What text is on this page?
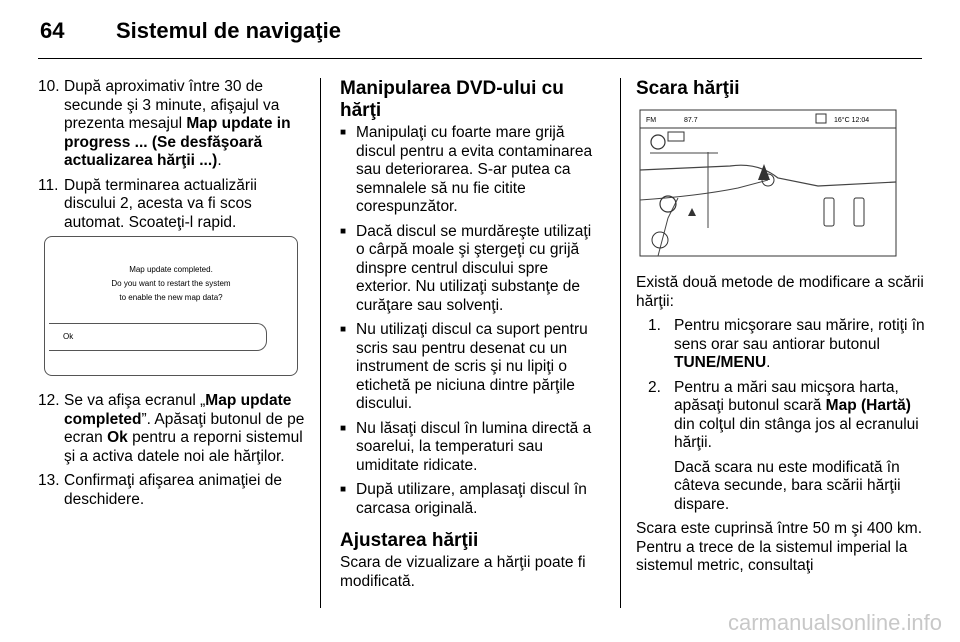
64 Sistemul de navigaţie
10. După aproximativ între 30 de secunde şi 3 minute, afişajul va prezenta mesajul Map update in progress ... (Se desfăşoară actualizarea hărţii ...).
11. După terminarea actualizării discului 2, acesta va fi scos automat. Scoateţi-l rapid.
Map update completed.
Do you want to restart the system
to enable the new map data?
Ok
12. Se va afişa ecranul „Map update completed”. Apăsaţi butonul de pe ecran Ok pentru a reporni sistemul şi a activa datele noi ale hărţilor.
13. Confirmaţi afişarea animaţiei de deschidere.
Manipularea DVD-ului cu hărţi
■ Manipulaţi cu foarte mare grijă discul pentru a evita contaminarea sau deteriorarea. S-ar putea ca semnalele să nu fie citite corespunzător.
■ Dacă discul se murdăreşte utilizaţi o cârpă moale şi ştergeţi cu grijă dinspre centrul discului spre exterior. Nu utilizaţi substanţe de curăţare sau solvenţi.
■ Nu utilizaţi discul ca suport pentru scris sau pentru desenat cu un instrument de scris şi nu lipiţi o etichetă pe niciuna dintre părţile discului.
■ Nu lăsaţi discul în lumina directă a soarelui, la temperaturi sau umiditate ridicate.
■ După utilizare, amplasaţi discul în carcasa originală.
Ajustarea hărţii
Scara de vizualizare a hărţii poate fi modificată.
Scara hărţii
FM	87.7	16°C 12:04
Există două metode de modificare a scării hărţii:
1. Pentru micşorare sau mărire, rotiţi în sens orar sau antiorar butonul TUNE/MENU.
2. Pentru a mări sau micşora harta, apăsaţi butonul scară Map (Hartă) din colţul din stânga jos al ecranului hărţii.
Dacă scara nu este modificată în câteva secunde, bara scării hărţii dispare.
Scara este cuprinsă între 50 m şi 400 km. Pentru a trece de la sistemul imperial la sistemul metric, consultaţi
carmanualsonline.info
